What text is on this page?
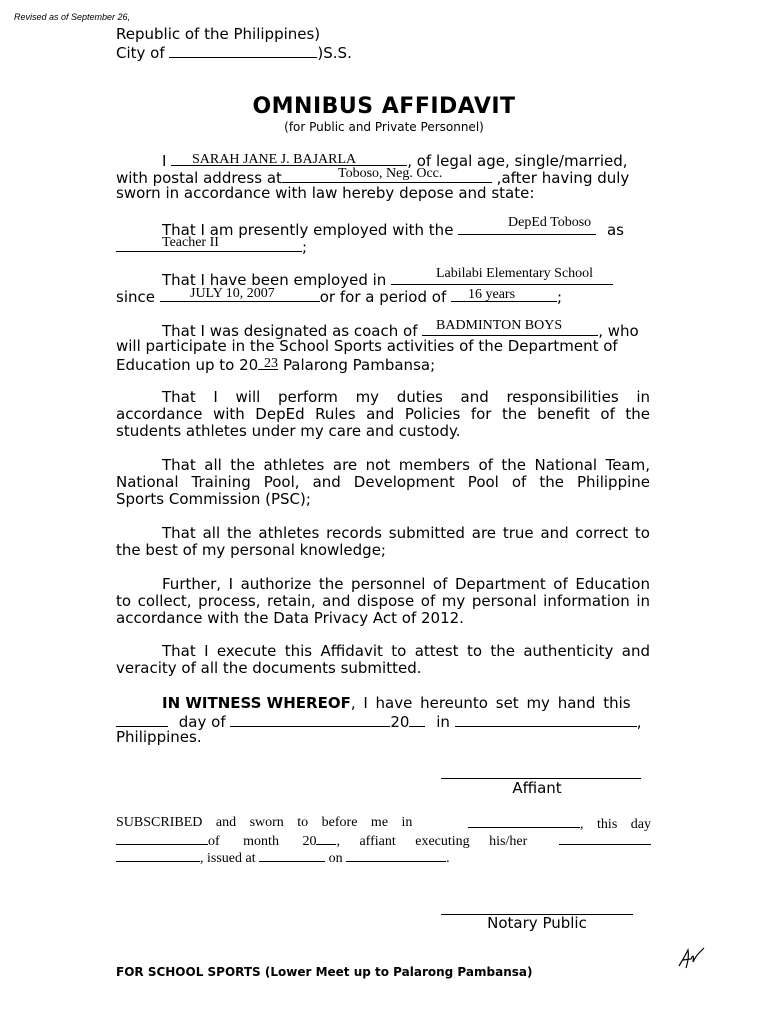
Revised as of September 26,
Republic of the Philippines)
City of	)S.S.
OMNIBUS AFFIDAVIT
(for Public and Private Personnel)
I	, of legal age, single/married,
SARAH JANE J. BAJARLA
with postal address at	,after having duly
Toboso, Neg. Occ.
sworn in accordance with law hereby depose and state:
That I am presently employed with the	as
DepEd Toboso
;
Teacher II
That I have been employed in	Labilabi Elementary School
since	or for a period of	;
JULY 10, 2007	16 years
That I was designated as coach of	, who
BADMINTON BOYS
will participate in the School Sports activities of the Department of
Education up to 20 Palarong Pambansa;
23
That I will perform my duties and responsibilities in
accordance with DepEd Rules and Policies for the benefit of the
students athletes under my care and custody.
That all the athletes are not members of the National Team,
National Training Pool, and Development Pool of the Philippine
Sports Commission (PSC);
That all the athletes records submitted are true and correct to
the best of my personal knowledge;
Further, I authorize the personnel of Department of Education
to collect, process, retain, and dispose of my personal information in
accordance with the Data Privacy Act of 2012.
That I execute this Affidavit to attest to the authenticity and
veracity of all the documents submitted.
IN WITNESS WHEREOF, I have hereunto set my hand this
day of	20 in	,
Philippines.
Affiant
SUBSCRIBED and sworn to before me in	, this day
of month 20 , affiant executing his/her
, issued at	on	.
Notary Public
FOR SCHOOL SPORTS (Lower Meet up to Palarong Pambansa)
